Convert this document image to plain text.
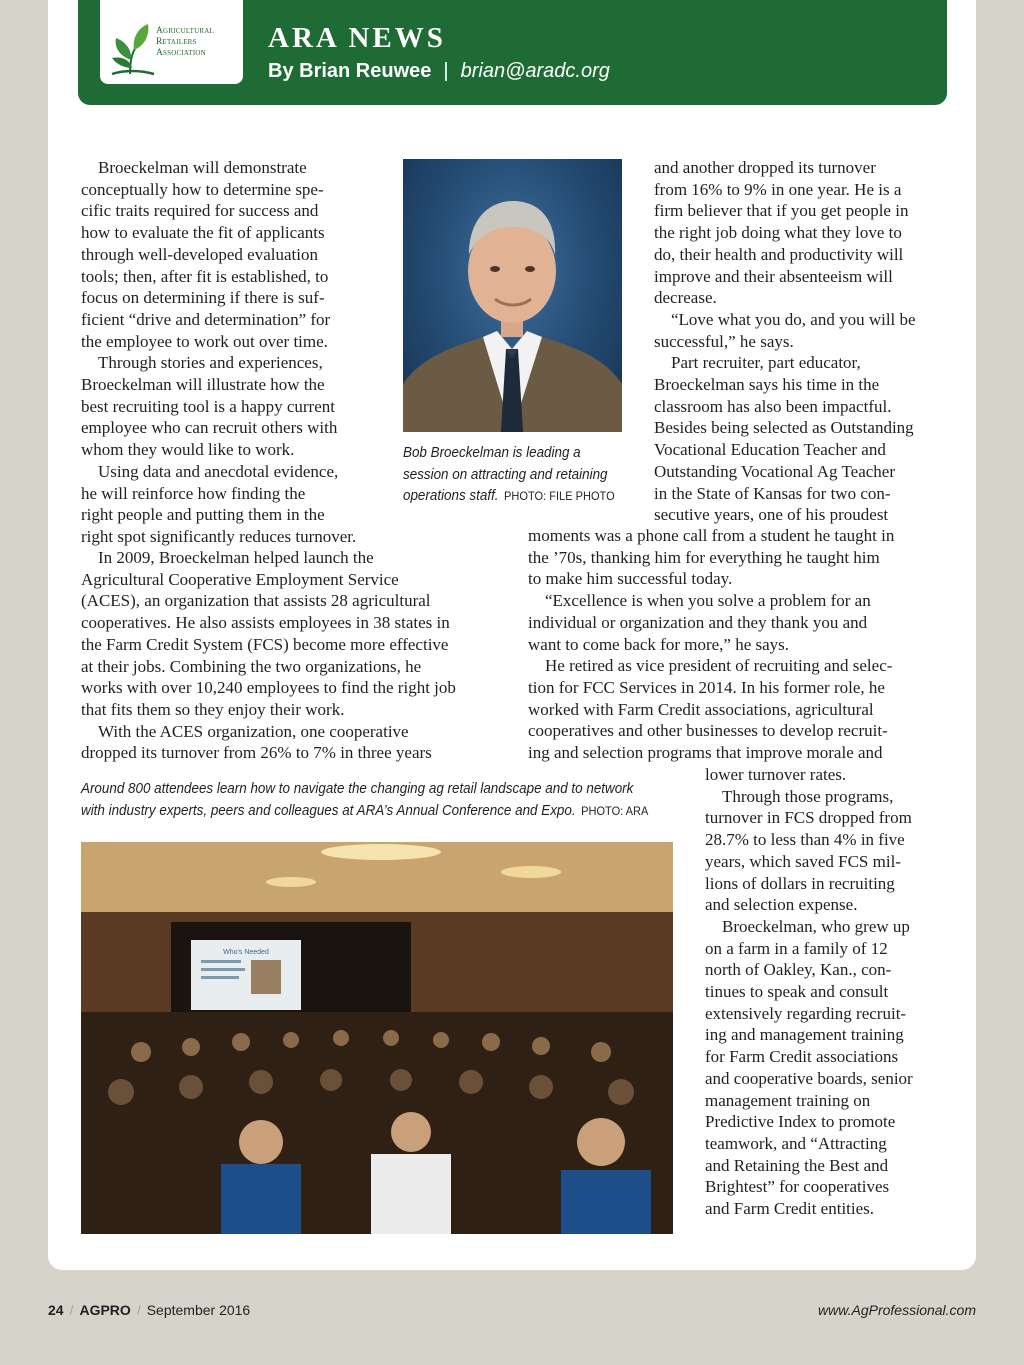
Agricultural
Retailers
Association ARA NEWS
By Brian Reuwee | brian@aradc.org
Broeckelman will demonstrate
conceptually how to determine spe-
cific traits required for success and
how to evaluate the fit of applicants
through well-developed evaluation
tools; then, after fit is established, to
focus on determining if there is suf-
ficient “drive and determination” for
the employee to work out over time.
Through stories and experiences,
Broeckelman will illustrate how the
best recruiting tool is a happy current
employee who can recruit others with
whom they would like to work.
Using data and anecdotal evidence,
he will reinforce how finding the
right people and putting them in the
right spot significantly reduces turnover.
In 2009, Broeckelman helped launch the
Agricultural Cooperative Employment Service
(ACES), an organization that assists 28 agricultural
cooperatives. He also assists employees in 38 states in
the Farm Credit System (FCS) become more effective
at their jobs. Combining the two organizations, he
works with over 10,240 employees to find the right job
that fits them so they enjoy their work.
With the ACES organization, one cooperative
dropped its turnover from 26% to 7% in three years
and another dropped its turnover
from 16% to 9% in one year. He is a
firm believer that if you get people in
the right job doing what they love to
do, their health and productivity will
improve and their absenteeism will
decrease.
“Love what you do, and you will be
successful,” he says.
Part recruiter, part educator,
Broeckelman says his time in the
classroom has also been impactful.
Besides being selected as Outstanding
Vocational Education Teacher and
Outstanding Vocational Ag Teacher
in the State of Kansas for two con-
secutive years, one of his proudest
moments was a phone call from a student he taught in
the ’70s, thanking him for everything he taught him
to make him successful today.
“Excellence is when you solve a problem for an
individual or organization and they thank you and
want to come back for more,” he says.
He retired as vice president of recruiting and selec-
tion for FCC Services in 2014. In his former role, he
worked with Farm Credit associations, agricultural
cooperatives and other businesses to develop recruit-
ing and selection programs that improve morale and
lower turnover rates.
Through those programs,
turnover in FCS dropped from
28.7% to less than 4% in five
years, which saved FCS mil-
lions of dollars in recruiting
and selection expense.
Broeckelman, who grew up
on a farm in a family of 12
north of Oakley, Kan., con-
tinues to speak and consult
extensively regarding recruit-
ing and management training
for Farm Credit associations
and cooperative boards, senior
management training on
Predictive Index to promote
teamwork, and “Attracting
and Retaining the Best and
Brightest” for cooperatives
and Farm Credit entities.
Bob Broeckelman is leading a
session on attracting and retaining
operations staff. PHOTO: FILE PHOTO
Around 800 attendees learn how to navigate the changing ag retail landscape and to network
with industry experts, peers and colleagues at ARA’s Annual Conference and Expo. PHOTO: ARA
Who's Needed
24 / AGPRO / September 2016	www.AgProfessional.com
